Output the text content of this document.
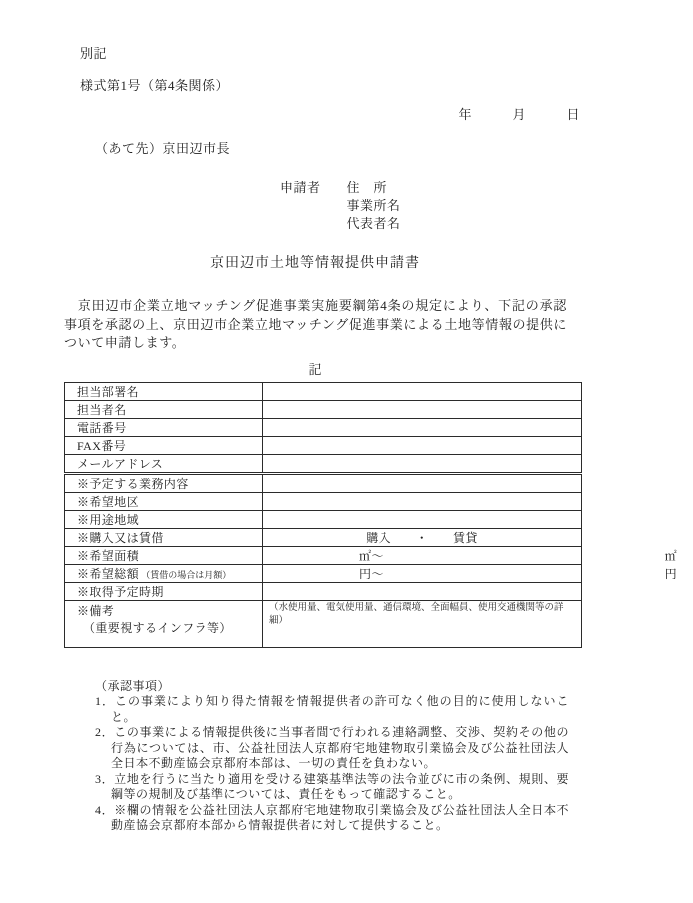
別記
様式第1号（第4条関係）
年　　　月　　　日
（あて先）京田辺市長
申請者 住　所
事業所名
代表者名
京田辺市土地等情報提供申請書

　京田辺市企業立地マッチング促進事業実施要綱第4条の規定により、下記の承認事項を承認の上、京田辺市企業立地マッチング促進事業による土地等情報の提供について申請します。

記
担当部署名	

担当者名	

電話番号	

FAX番号	

メールアドレス	

※予定する業務内容	

※希望地区	

※用途地域	

※購入又は賃借	購入　　・　　賃貸

※希望面積	㎡～ ㎡

※希望総額 （賃借の場合は月額）	円～ 円

※取得予定時期	

※備考
（重要視するインフラ等）	（水使用量、電気使用量、通信環境、全面幅員、使用交通機関等の詳細）
（承認事項）
1．この事業により知り得た情報を情報提供者の許可なく他の目的に使用しないこと。
2．この事業による情報提供後に当事者間で行われる連絡調整、交渉、契約その他の行為については、市、公益社団法人京都府宅地建物取引業協会及び公益社団法人全日本不動産協会京都府本部は、一切の責任を負わない。
3．立地を行うに当たり適用を受ける建築基準法等の法令並びに市の条例、規則、要綱等の規制及び基準については、責任をもって確認すること。
4．※欄の情報を公益社団法人京都府宅地建物取引業協会及び公益社団法人全日本不動産協会京都府本部から情報提供者に対して提供すること。
